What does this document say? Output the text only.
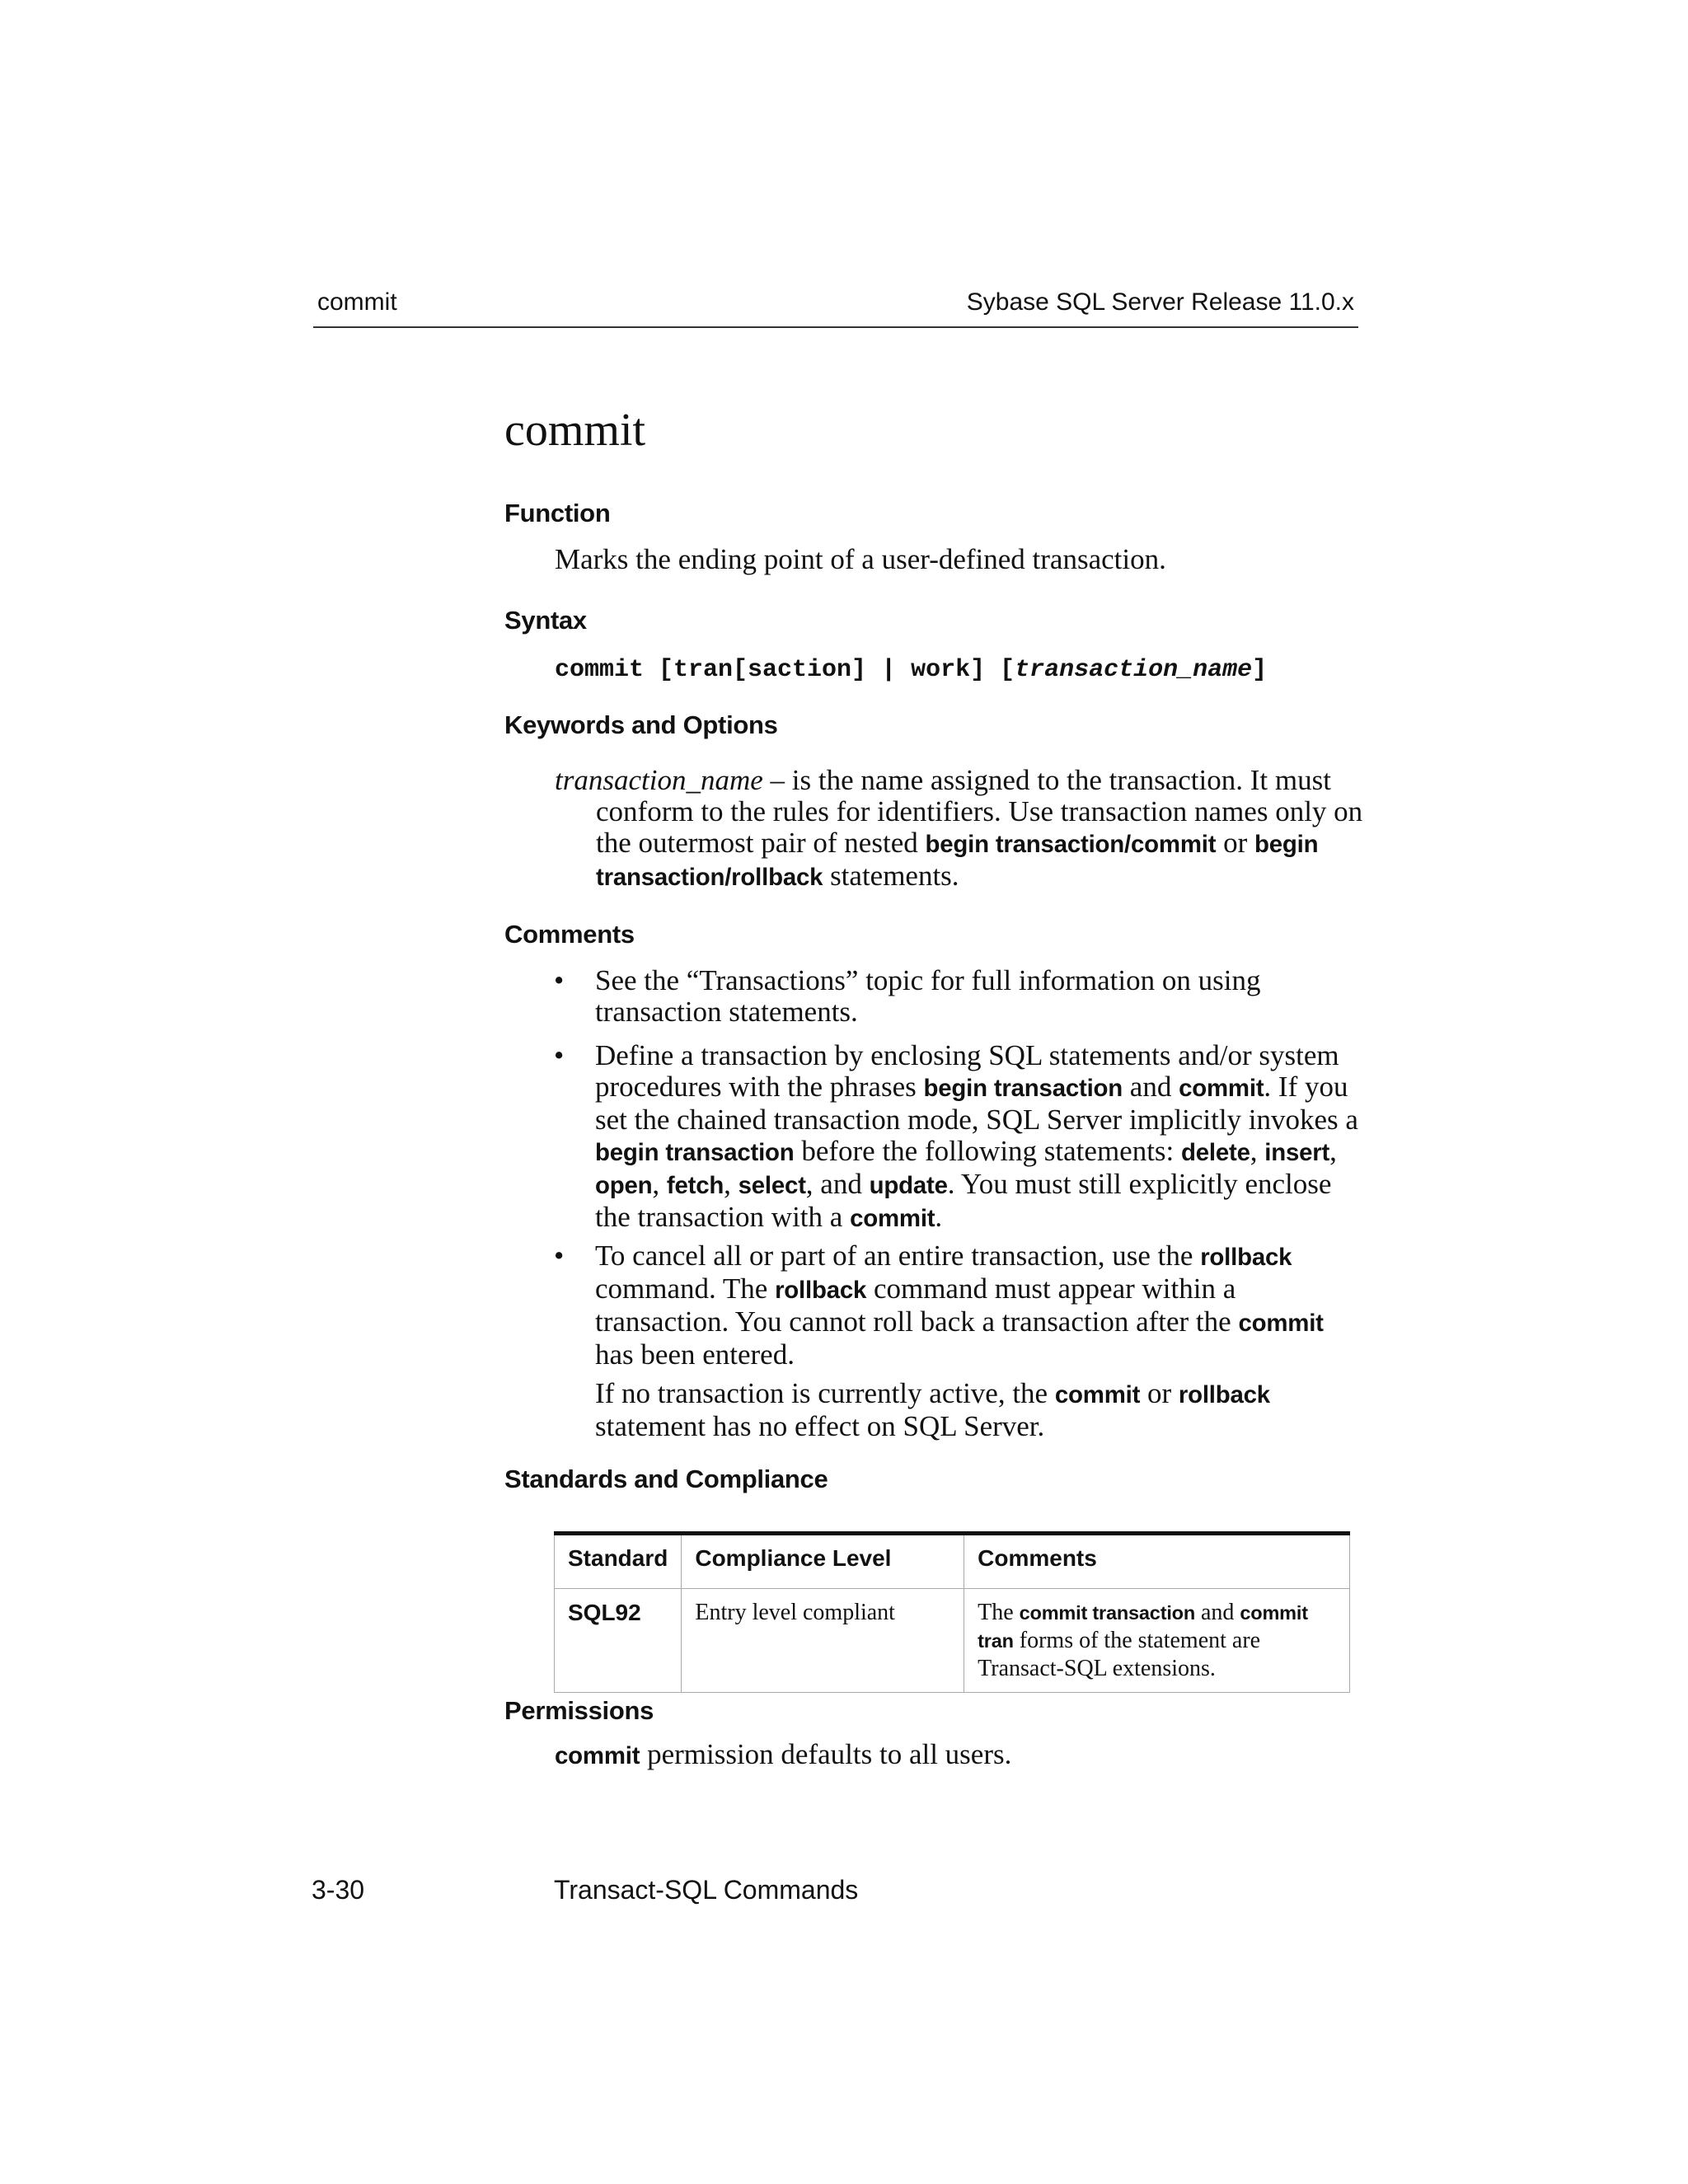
commit	Sybase SQL Server Release 11.0.x
commit
Function

Marks the ending point of a user-defined transaction.

Syntax
commit [tran[saction] | work] [transaction_name]
Keywords and Options
transaction_name – is the name assigned to the transaction. It must conform to the rules for identifiers. Use transaction names only on the outermost pair of nested begin transaction/commit or begin transaction/rollback statements.
Comments
• See the “Transactions” topic for full information on using transaction statements.
• Define a transaction by enclosing SQL statements and/or system procedures with the phrases begin transaction and commit. If you set the chained transaction mode, SQL Server implicitly invokes a begin transaction before the following statements: delete, insert, open, fetch, select, and update. You must still explicitly enclose the transaction with a commit.
• To cancel all or part of an entire transaction, use the rollback command. The rollback command must appear within a transaction. You cannot roll back a transaction after the commit has been entered.
If no transaction is currently active, the commit or rollback statement has no effect on SQL Server.
Standards and Compliance
Standard	Compliance Level	Comments
SQL92	Entry level compliant	The commit transaction and commit tran forms of the statement are Transact-SQL extensions.
Permissions

commit permission defaults to all users.

3-30	Transact-SQL Commands
